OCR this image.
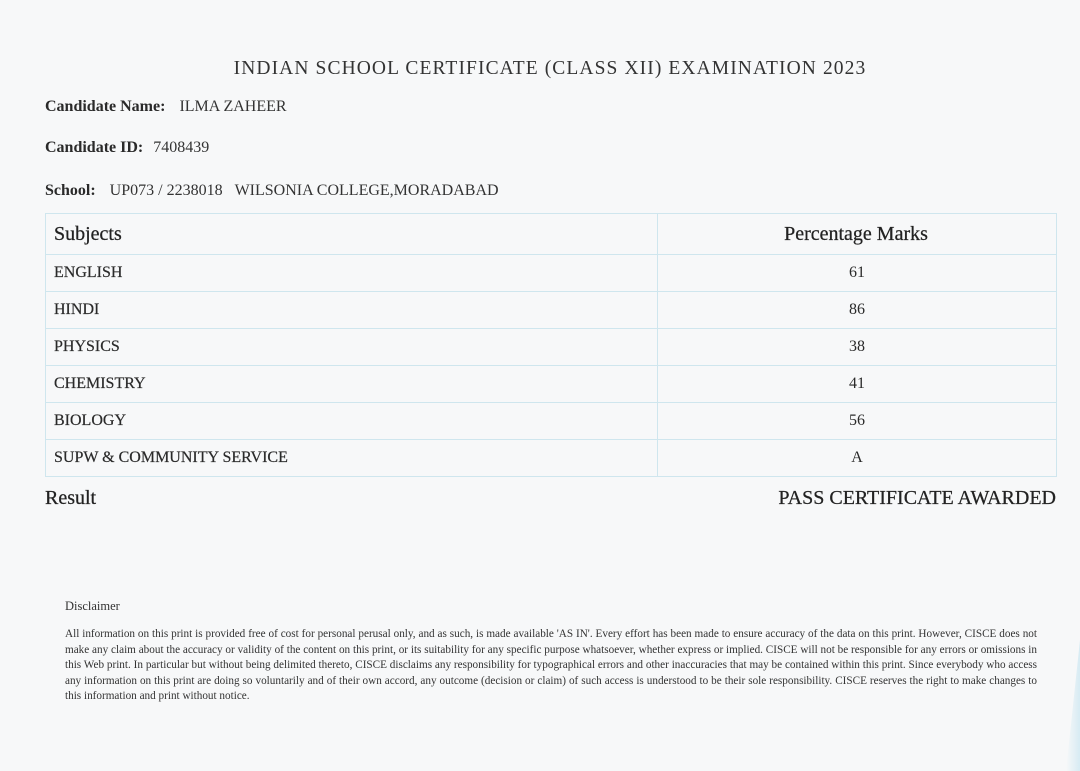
INDIAN SCHOOL CERTIFICATE (CLASS XII) EXAMINATION 2023
Candidate Name: ILMA ZAHEER
Candidate ID: 7408439
School: UP073 / 2238018 WILSONIA COLLEGE,MORADABAD
Subjects	Percentage Marks
ENGLISH	61
HINDI	86
PHYSICS	38
CHEMISTRY	41
BIOLOGY	56
SUPW & COMMUNITY SERVICE	A
Result	PASS CERTIFICATE AWARDED
Disclaimer
All information on this print is provided free of cost for personal perusal only, and as such, is made available 'AS IN'. Every effort has been made to ensure accuracy of the data on this print. However, CISCE does not make any claim about the accuracy or validity of the content on this print, or its suitability for any specific purpose whatsoever, whether express or implied. CISCE will not be responsible for any errors or omissions in this Web print. In particular but without being delimited thereto, CISCE disclaims any responsibility for typographical errors and other inaccuracies that may be contained within this print. Since everybody who access any information on this print are doing so voluntarily and of their own accord, any outcome (decision or claim) of such access is understood to be their sole responsibility. CISCE reserves the right to make changes to this information and print without notice.
